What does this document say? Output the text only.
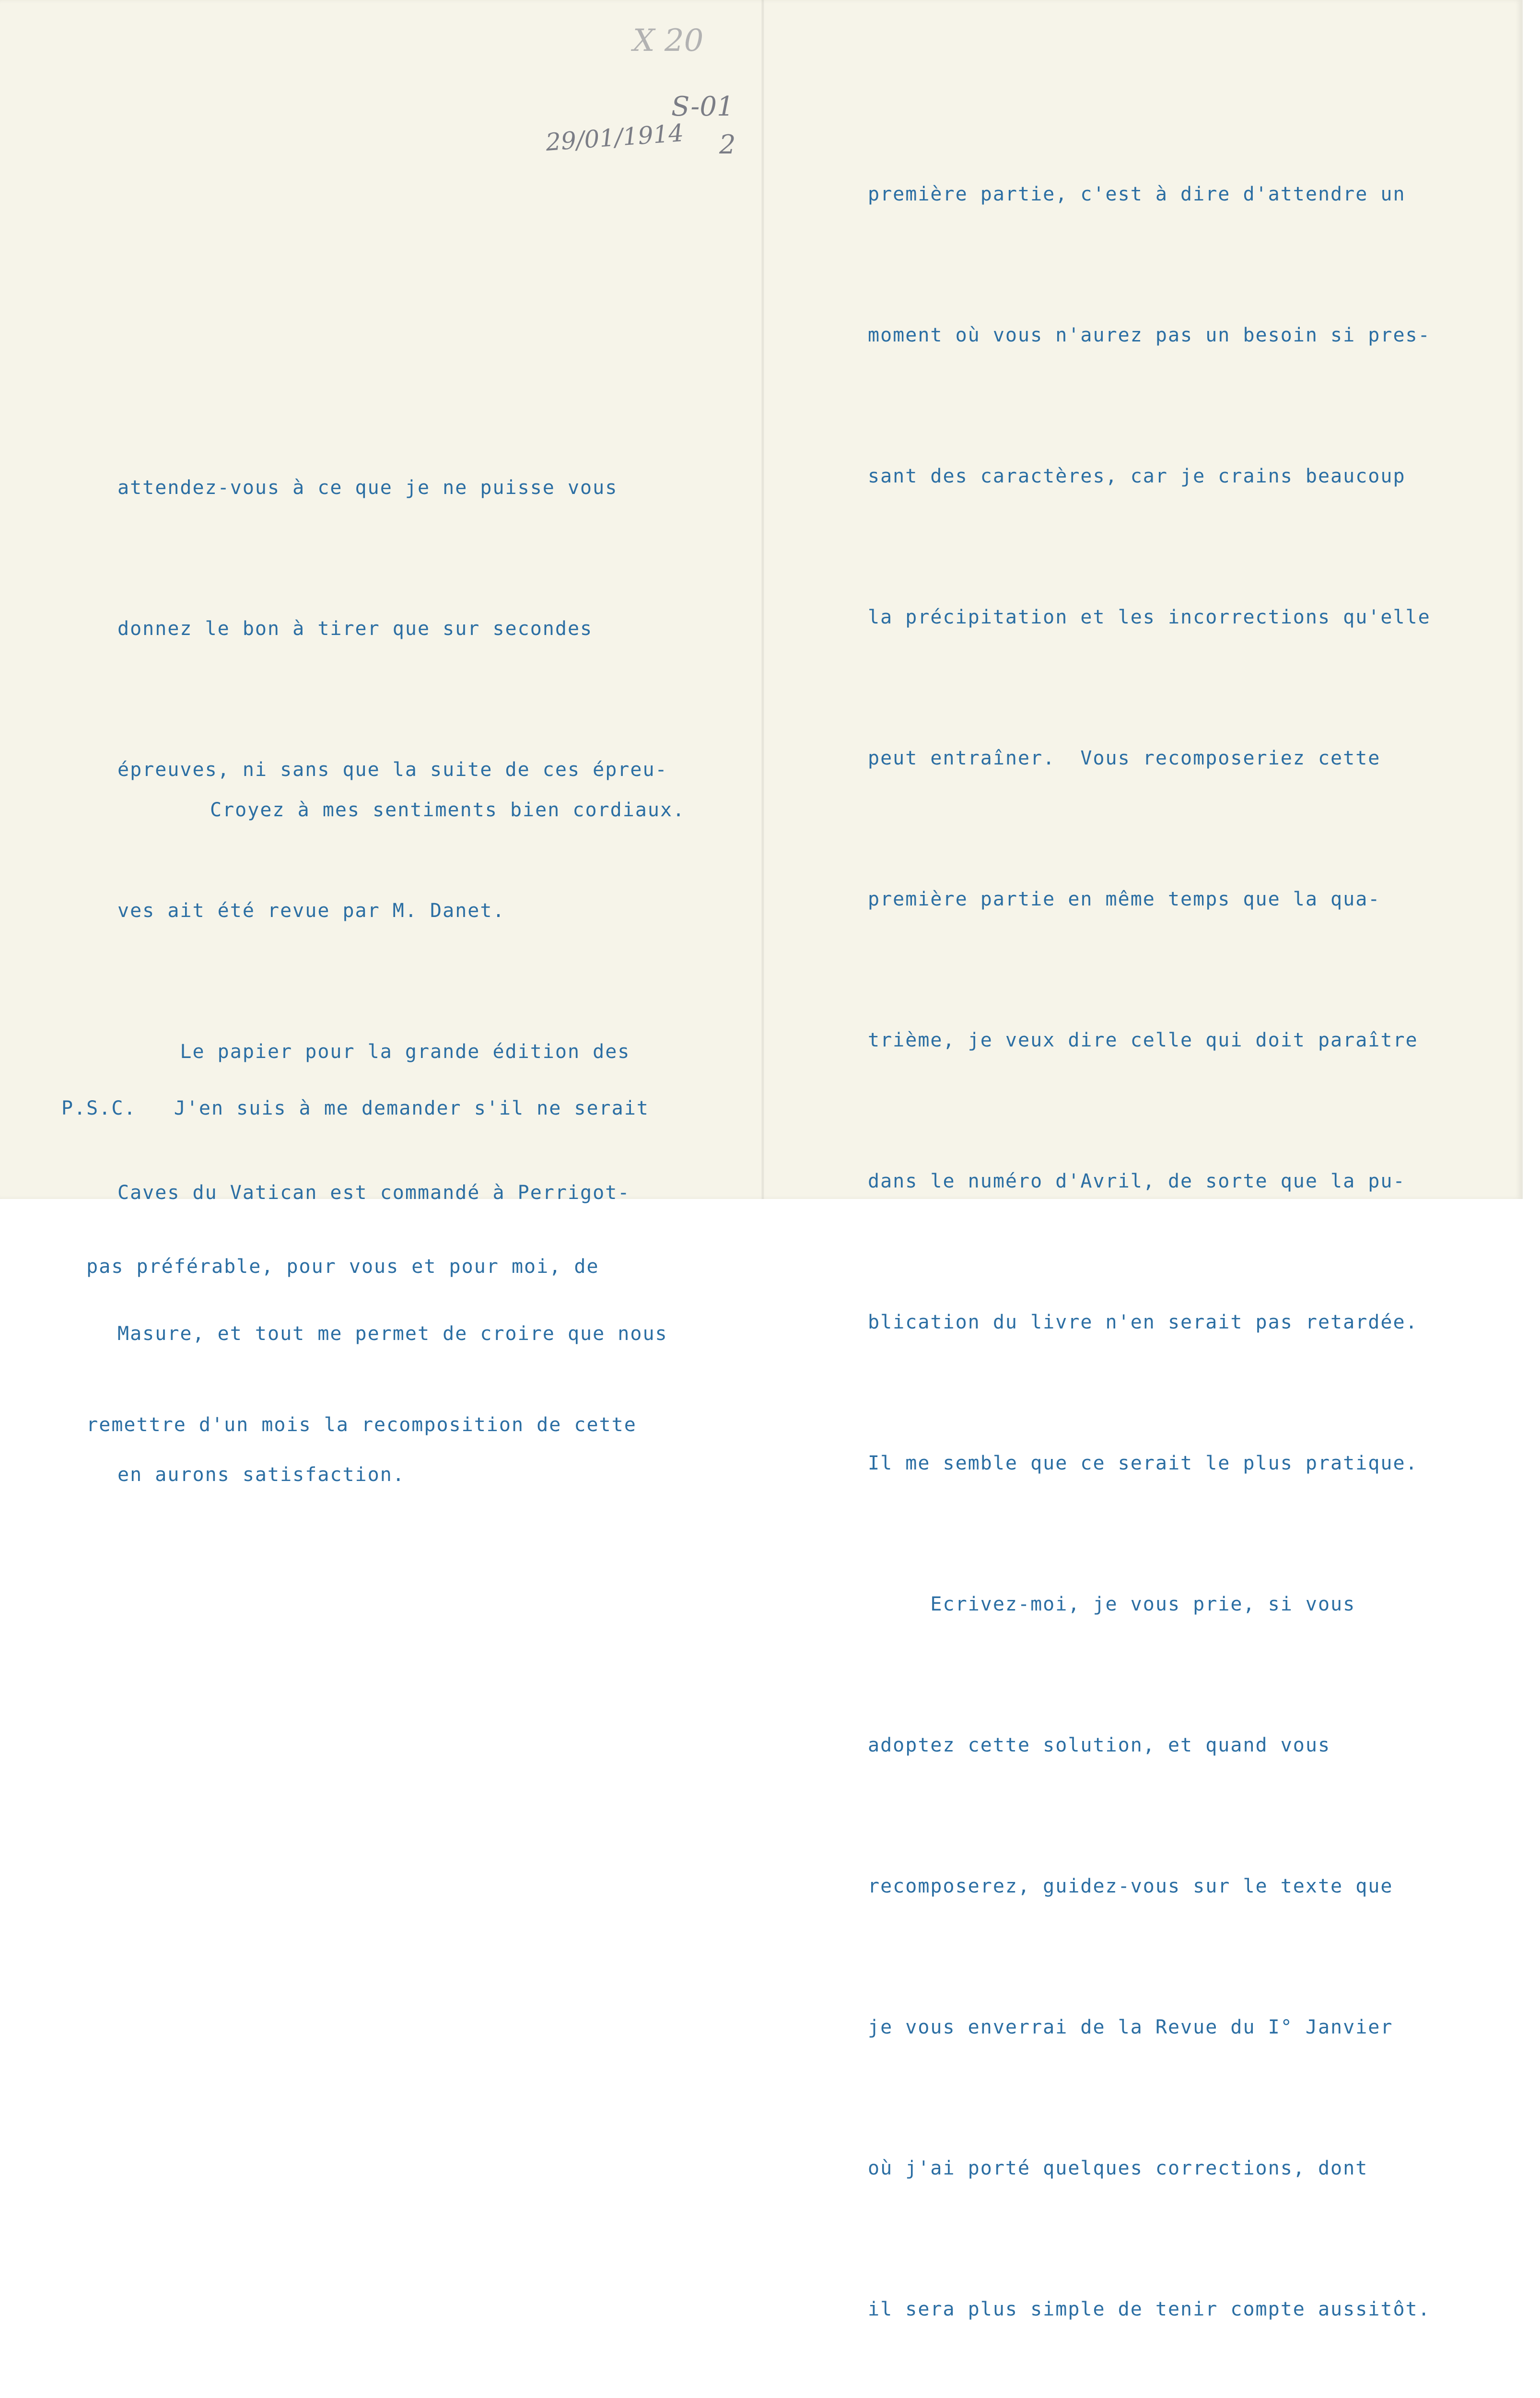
X 20
29/01/1914
S-01
2

attendez-vous à ce que je ne puisse vous

donnez le bon à tirer que sur secondes

épreuves, ni sans que la suite de ces épreu-

ves ait été revue par M. Danet.

Le papier pour la grande édition des

Caves du Vatican est commandé à Perrigot-

Masure, et tout me permet de croire que nous

en aurons satisfaction.

Croyez à mes sentiments bien cordiaux.

P.S.C.   J'en suis à me demander s'il ne serait

pas préférable, pour vous et pour moi, de

remettre d'un mois la recomposition de cette

première partie, c'est à dire d'attendre un

moment où vous n'aurez pas un besoin si pres-

sant des caractères, car je crains beaucoup

la précipitation et les incorrections qu'elle

peut entraîner.  Vous recomposeriez cette

première partie en même temps que la qua-

trième, je veux dire celle qui doit paraître

dans le numéro d'Avril, de sorte que la pu-

blication du livre n'en serait pas retardée.

Il me semble que ce serait le plus pratique.

Ecrivez-moi, je vous prie, si vous

adoptez cette solution, et quand vous

recomposerez, guidez-vous sur le texte que

je vous enverrai de la Revue du I° Janvier

où j'ai porté quelques corrections, dont

il sera plus simple de tenir compte aussitôt.
